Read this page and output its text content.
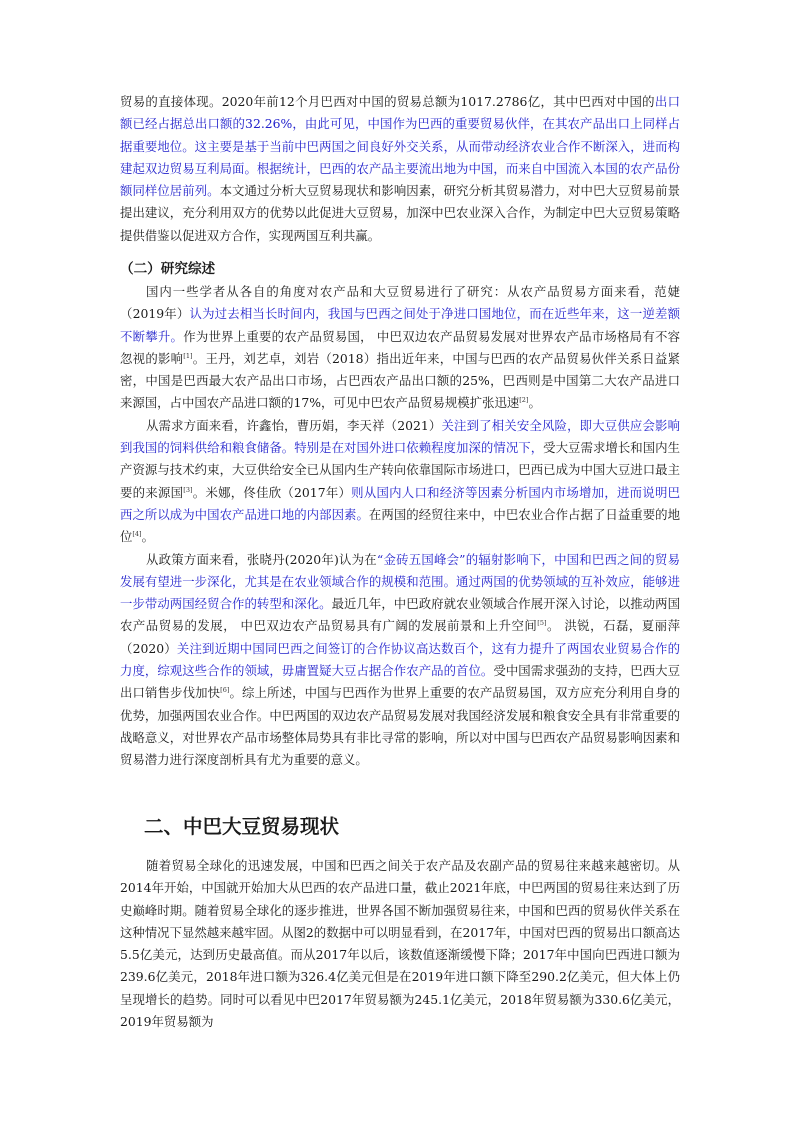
贸易的直接体现。2020年前12个月巴西对中国的贸易总额为1017.2786亿，其中巴西对中国的出口额已经占据总出口额的32.26%，由此可见，中国作为巴西的重要贸易伙伴，在其农产品出口上同样占据重要地位。这主要是基于当前中巴两国之间良好外交关系，从而带动经济农业合作不断深入，进而构建起双边贸易互利局面。根据统计，巴西的农产品主要流出地为中国，而来自中国流入本国的农产品份额同样位居前列。本文通过分析大豆贸易现状和影响因素，研究分析其贸易潜力，对中巴大豆贸易前景提出建议，充分利用双方的优势以此促进大豆贸易，加深中巴农业深入合作，为制定中巴大豆贸易策略提供借鉴以促进双方合作，实现两国互利共赢。

（二）研究综述

国内一些学者从各自的角度对农产品和大豆贸易进行了研究：从农产品贸易方面来看，范婕（2019年）认为过去相当长时间内，我国与巴西之间处于净进口国地位，而在近些年来，这一逆差额不断攀升。作为世界上重要的农产品贸易国， 中巴双边农产品贸易发展对世界农产品市场格局有不容忽视的影响[1]。王丹，刘艺卓，刘岩（2018）指出近年来，中国与巴西的农产品贸易伙伴关系日益紧密，中国是巴西最大农产品出口市场，占巴西农产品出口额的25%，巴西则是中国第二大农产品进口来源国，占中国农产品进口额的17%，可见中巴农产品贸易规模扩张迅速[2]。

从需求方面来看，许鑫怡，曹历娟，李天祥（2021）关注到了相关安全风险，即大豆供应会影响到我国的饲料供给和粮食储备。特别是在对国外进口依赖程度加深的情况下，受大豆需求增长和国内生产资源与技术约束，大豆供给安全已从国内生产转向依靠国际市场进口，巴西已成为中国大豆进口最主要的来源国[3]。米娜，佟佳欣（2017年）则从国内人口和经济等因素分析国内市场增加，进而说明巴西之所以成为中国农产品进口地的内部因素。在两国的经贸往来中，中巴农业合作占据了日益重要的地位[4]。

从政策方面来看，张晓丹(2020年)认为在“金砖五国峰会”的辐射影响下，中国和巴西之间的贸易发展有望进一步深化，尤其是在农业领域合作的规模和范围。通过两国的优势领域的互补效应，能够进一步带动两国经贸合作的转型和深化。最近几年，中巴政府就农业领域合作展开深入讨论，以推动两国农产品贸易的发展， 中巴双边农产品贸易具有广阔的发展前景和上升空间[5]。 洪锐，石磊，夏丽萍（2020）关注到近期中国同巴西之间签订的合作协议高达数百个，这有力提升了两国农业贸易合作的力度，综观这些合作的领域，毋庸置疑大豆占据合作农产品的首位。受中国需求强劲的支持，巴西大豆出口销售步伐加快[6]。综上所述，中国与巴西作为世界上重要的农产品贸易国，双方应充分利用自身的优势，加强两国农业合作。中巴两国的双边农产品贸易发展对我国经济发展和粮食安全具有非常重要的战略意义，对世界农产品市场整体局势具有非比寻常的影响，所以对中国与巴西农产品贸易影响因素和贸易潜力进行深度剖析具有尤为重要的意义。

二、中巴大豆贸易现状

随着贸易全球化的迅速发展，中国和巴西之间关于农产品及农副产品的贸易往来越来越密切。从2014年开始，中国就开始加大从巴西的农产品进口量，截止2021年底，中巴两国的贸易往来达到了历史巅峰时期。随着贸易全球化的逐步推进，世界各国不断加强贸易往来，中国和巴西的贸易伙伴关系在这种情况下显然越来越牢固。从图2的数据中可以明显看到，在2017年，中国对巴西的贸易出口额高达5.5亿美元，达到历史最高值。而从2017年以后，该数值逐渐缓慢下降；2017年中国向巴西进口额为239.6亿美元，2018年进口额为326.4亿美元但是在2019年进口额下降至290.2亿美元，但大体上仍呈现增长的趋势。同时可以看见中巴2017年贸易额为245.1亿美元，2018年贸易额为330.6亿美元，2019年贸易额为
